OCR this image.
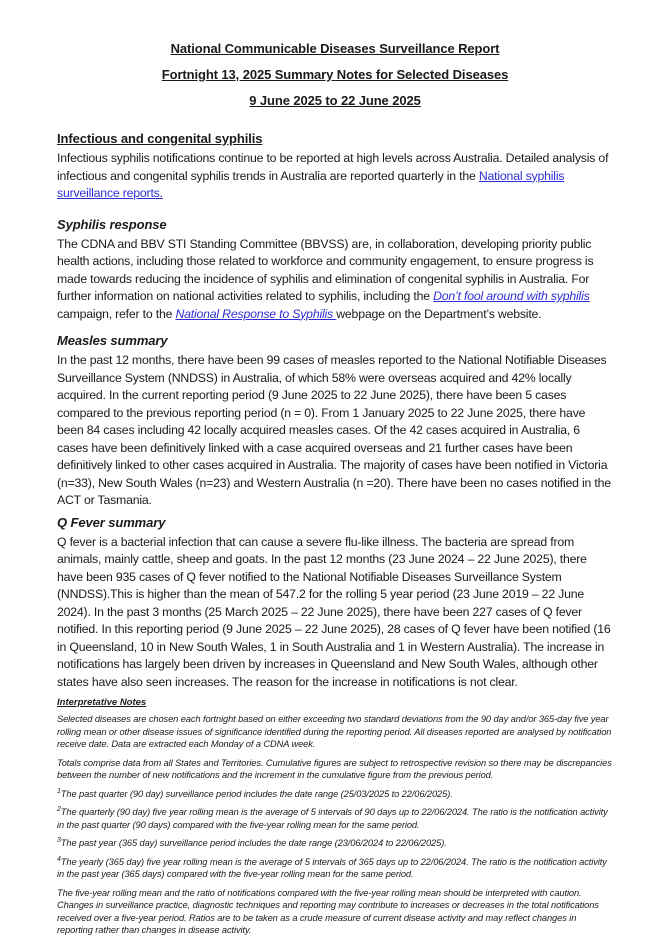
National Communicable Diseases Surveillance Report
Fortnight 13, 2025 Summary Notes for Selected Diseases
9 June 2025 to 22 June 2025
Infectious and congenital syphilis

Infectious syphilis notifications continue to be reported at high levels across Australia. Detailed analysis of infectious and congenital syphilis trends in Australia are reported quarterly in the National syphilis surveillance reports.

Syphilis response

The CDNA and BBV STI Standing Committee (BBVSS) are, in collaboration, developing priority public health actions, including those related to workforce and community engagement, to ensure progress is made towards reducing the incidence of syphilis and elimination of congenital syphilis in Australia. For further information on national activities related to syphilis, including the Don’t fool around with syphilis campaign, refer to the National Response to Syphilis webpage on the Department’s website.

Measles summary

In the past 12 months, there have been 99 cases of measles reported to the National Notifiable Diseases Surveillance System (NNDSS) in Australia, of which 58% were overseas acquired and 42% locally acquired. In the current reporting period (9 June 2025 to 22 June 2025), there have been 5 cases compared to the previous reporting period (n = 0). From 1 January 2025 to 22 June 2025, there have been 84 cases including 42 locally acquired measles cases. Of the 42 cases acquired in Australia, 6 cases have been definitively linked with a case acquired overseas and 21 further cases have been definitively linked to other cases acquired in Australia. The majority of cases have been notified in Victoria (n=33), New South Wales (n=23) and Western Australia (n =20). There have been no cases notified in the ACT or Tasmania.

Q Fever summary

Q fever is a bacterial infection that can cause a severe flu-like illness. The bacteria are spread from animals, mainly cattle, sheep and goats. In the past 12 months (23 June 2024 – 22 June 2025), there have been 935 cases of Q fever notified to the National Notifiable Diseases Surveillance System (NNDSS).This is higher than the mean of 547.2 for the rolling 5 year period (23 June 2019 – 22 June 2024). In the past 3 months (25 March 2025 – 22 June 2025), there have been 227 cases of Q fever notified. In this reporting period (9 June 2025 – 22 June 2025), 28 cases of Q fever have been notified (16 in Queensland, 10 in New South Wales, 1 in South Australia and 1 in Western Australia). The increase in notifications has largely been driven by increases in Queensland and New South Wales, although other states have also seen increases. The reason for the increase in notifications is not clear.

Interpretative Notes

Selected diseases are chosen each fortnight based on either exceeding two standard deviations from the 90 day and/or 365-day five year rolling mean or other disease issues of significance identified during the reporting period. All diseases reported are analysed by notification receive date. Data are extracted each Monday of a CDNA week.

Totals comprise data from all States and Territories. Cumulative figures are subject to retrospective revision so there may be discrepancies between the number of new notifications and the increment in the cumulative figure from the previous period.

$^1$The past quarter (90 day) surveillance period includes the date range (25/03/2025 to 22/06/2025).

$^2$The quarterly (90 day) five year rolling mean is the average of 5 intervals of 90 days up to 22/06/2024. The ratio is the notification activity in the past quarter (90 days) compared with the five-year rolling mean for the same period.

$^3$The past year (365 day) surveillance period includes the date range (23/06/2024 to 22/06/2025).

$^4$The yearly (365 day) five year rolling mean is the average of 5 intervals of 365 days up to 22/06/2024. The ratio is the notification activity in the past year (365 days) compared with the five-year rolling mean for the same period.

The five-year rolling mean and the ratio of notifications compared with the five-year rolling mean should be interpreted with caution. Changes in surveillance practice, diagnostic techniques and reporting may contribute to increases or decreases in the total notifications received over a five-year period. Ratios are to be taken as a crude measure of current disease activity and may reflect changes in reporting rather than changes in disease activity.
